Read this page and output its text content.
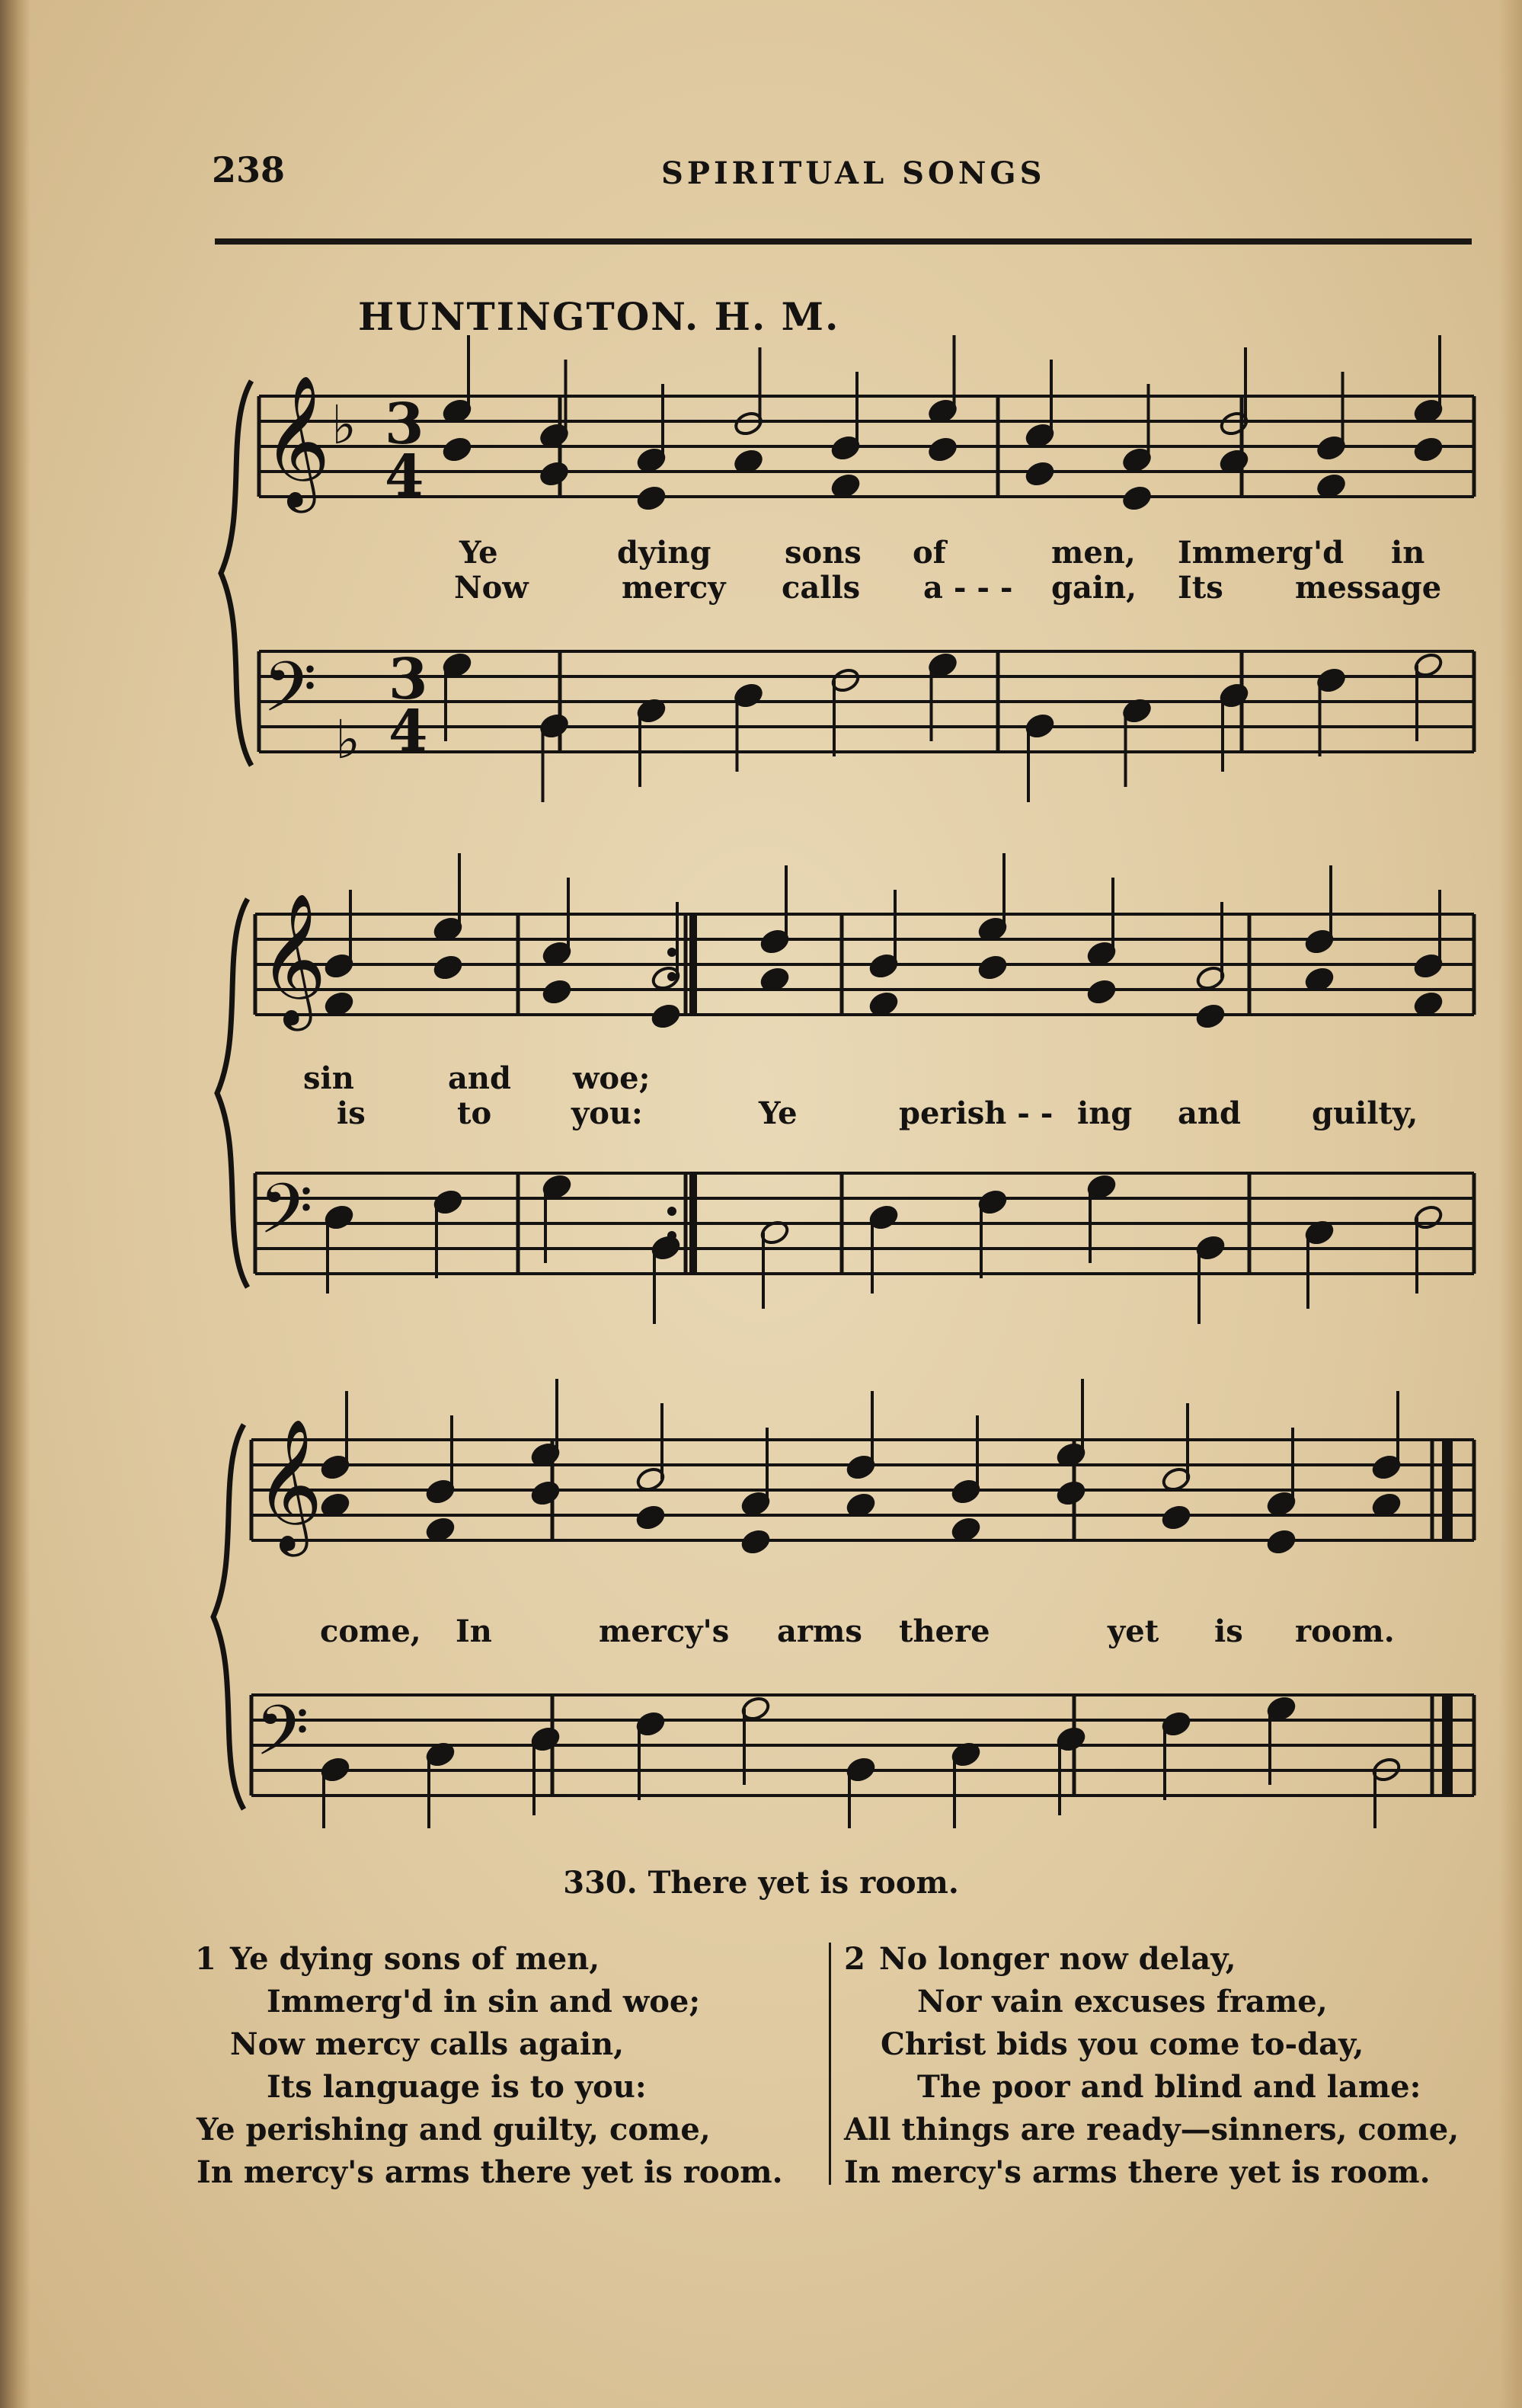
238	SPIRITUAL SONGS
HUNTINGTON. H. M.
𝄞
𝄢
♭ 3
4
♭
3
4
𝄞
𝄢
𝄞
𝄢
Ye	dying sons of	men, Immerg'd in
Now	mercy calls a - - - gain, Its message
sin	and woe;
is	to	you:	Ye	perish - - ing and guilty,
come, In	mercy's arms there	yet is room.
330. There yet is room.
1 Ye dying sons of men,
Immerg'd in sin and woe;
Now mercy calls again,
Its language is to you:
Ye perishing and guilty, come,
In mercy's arms there yet is room.
2 No longer now delay,
Nor vain excuses frame,
Christ bids you come to-day,
The poor and blind and lame:
All things are ready—sinners, come,
In mercy's arms there yet is room.
